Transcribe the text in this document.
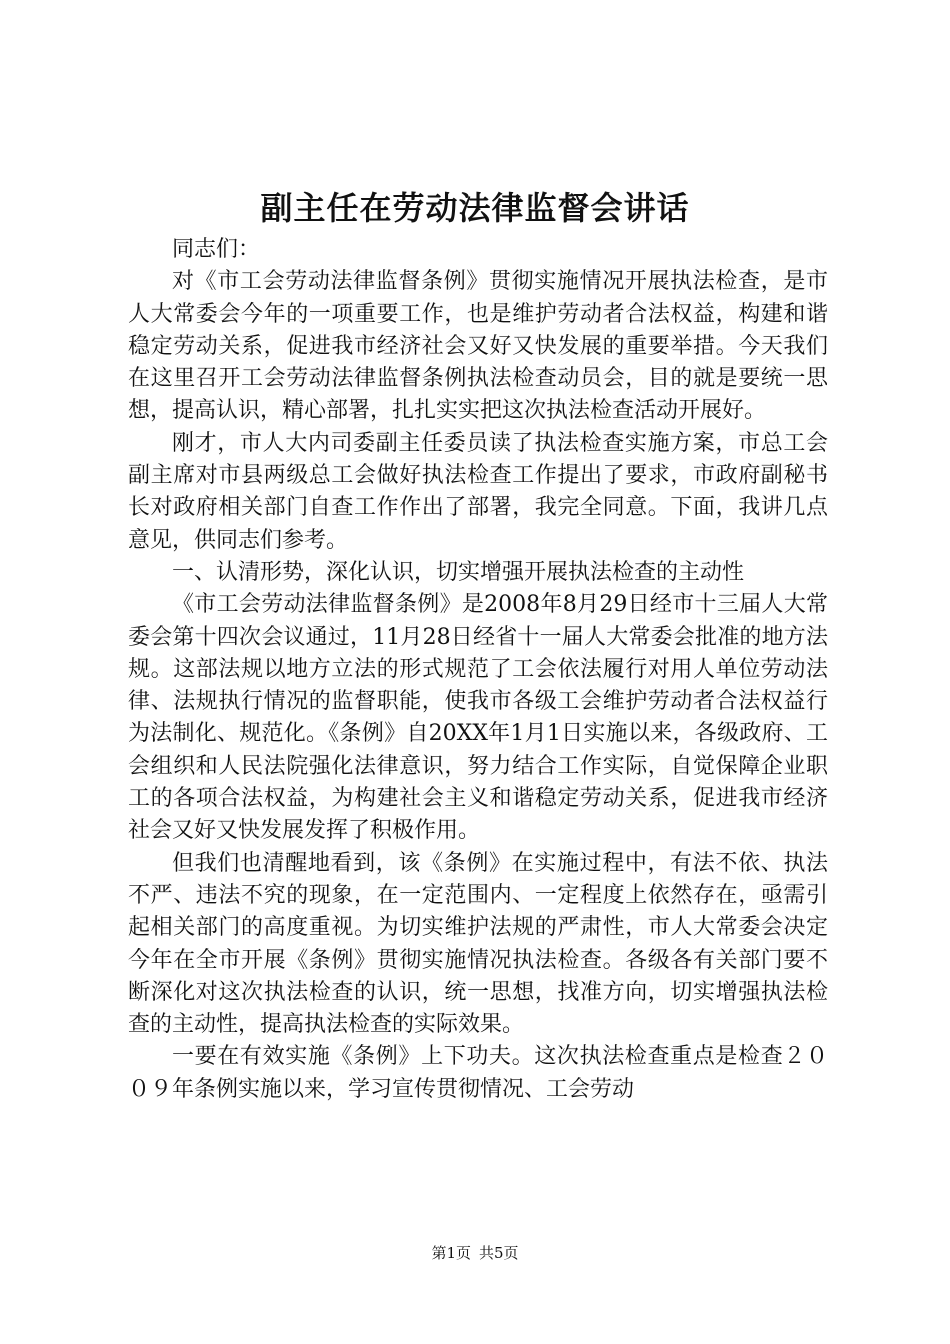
副主任在劳动法律监督会讲话

同志们：

对《市工会劳动法律监督条例》贯彻实施情况开展执法检查，是市人大常委会今年的一项重要工作，也是维护劳动者合法权益，构建和谐稳定劳动关系，促进我市经济社会又好又快发展的重要举措。今天我们在这里召开工会劳动法律监督条例执法检查动员会，目的就是要统一思想，提高认识，精心部署，扎扎实实把这次执法检查活动开展好。

刚才，市人大内司委副主任委员读了执法检查实施方案，市总工会副主席对市县两级总工会做好执法检查工作提出了要求，市政府副秘书长对政府相关部门自查工作作出了部署，我完全同意。下面，我讲几点意见，供同志们参考。

一、认清形势，深化认识，切实增强开展执法检查的主动性

《市工会劳动法律监督条例》是2008年8月29日经市十三届人大常委会第十四次会议通过，11月28日经省十一届人大常委会批准的地方法规。这部法规以地方立法的形式规范了工会依法履行对用人单位劳动法律、法规执行情况的监督职能，使我市各级工会维护劳动者合法权益行为法制化、规范化。《条例》自20XX年1月1日实施以来，各级政府、工会组织和人民法院强化法律意识，努力结合工作实际，自觉保障企业职工的各项合法权益，为构建社会主义和谐稳定劳动关系，促进我市经济社会又好又快发展发挥了积极作用。

但我们也清醒地看到，该《条例》在实施过程中，有法不依、执法不严、违法不究的现象，在一定范围内、一定程度上依然存在，亟需引起相关部门的高度重视。为切实维护法规的严肃性，市人大常委会决定今年在全市开展《条例》贯彻实施情况执法检查。各级各有关部门要不断深化对这次执法检查的认识，统一思想，找准方向，切实增强执法检查的主动性，提高执法检查的实际效果。

一要在有效实施《条例》上下功夫。这次执法检查重点是检查２００９年条例实施以来，学习宣传贯彻情况、工会劳动

第1页 共5页
